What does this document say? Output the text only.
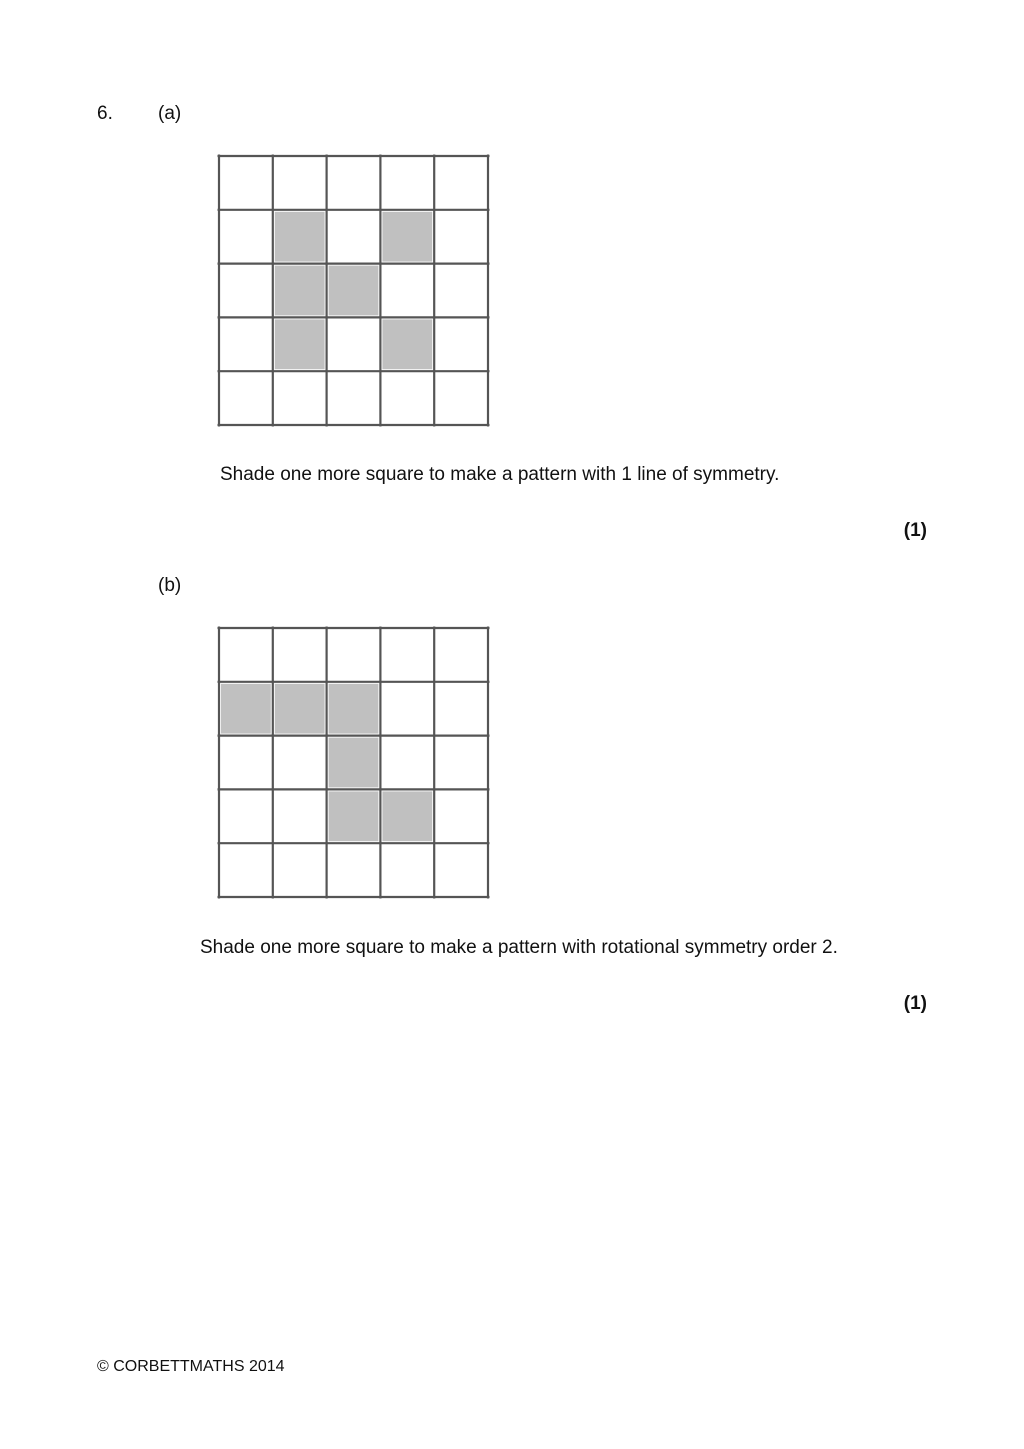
6. (a)
Shade one more square to make a pattern with 1 line of symmetry.
(1)
(b)
Shade one more square to make a pattern with rotational symmetry order 2.
(1)
© CORBETTMATHS 2014
